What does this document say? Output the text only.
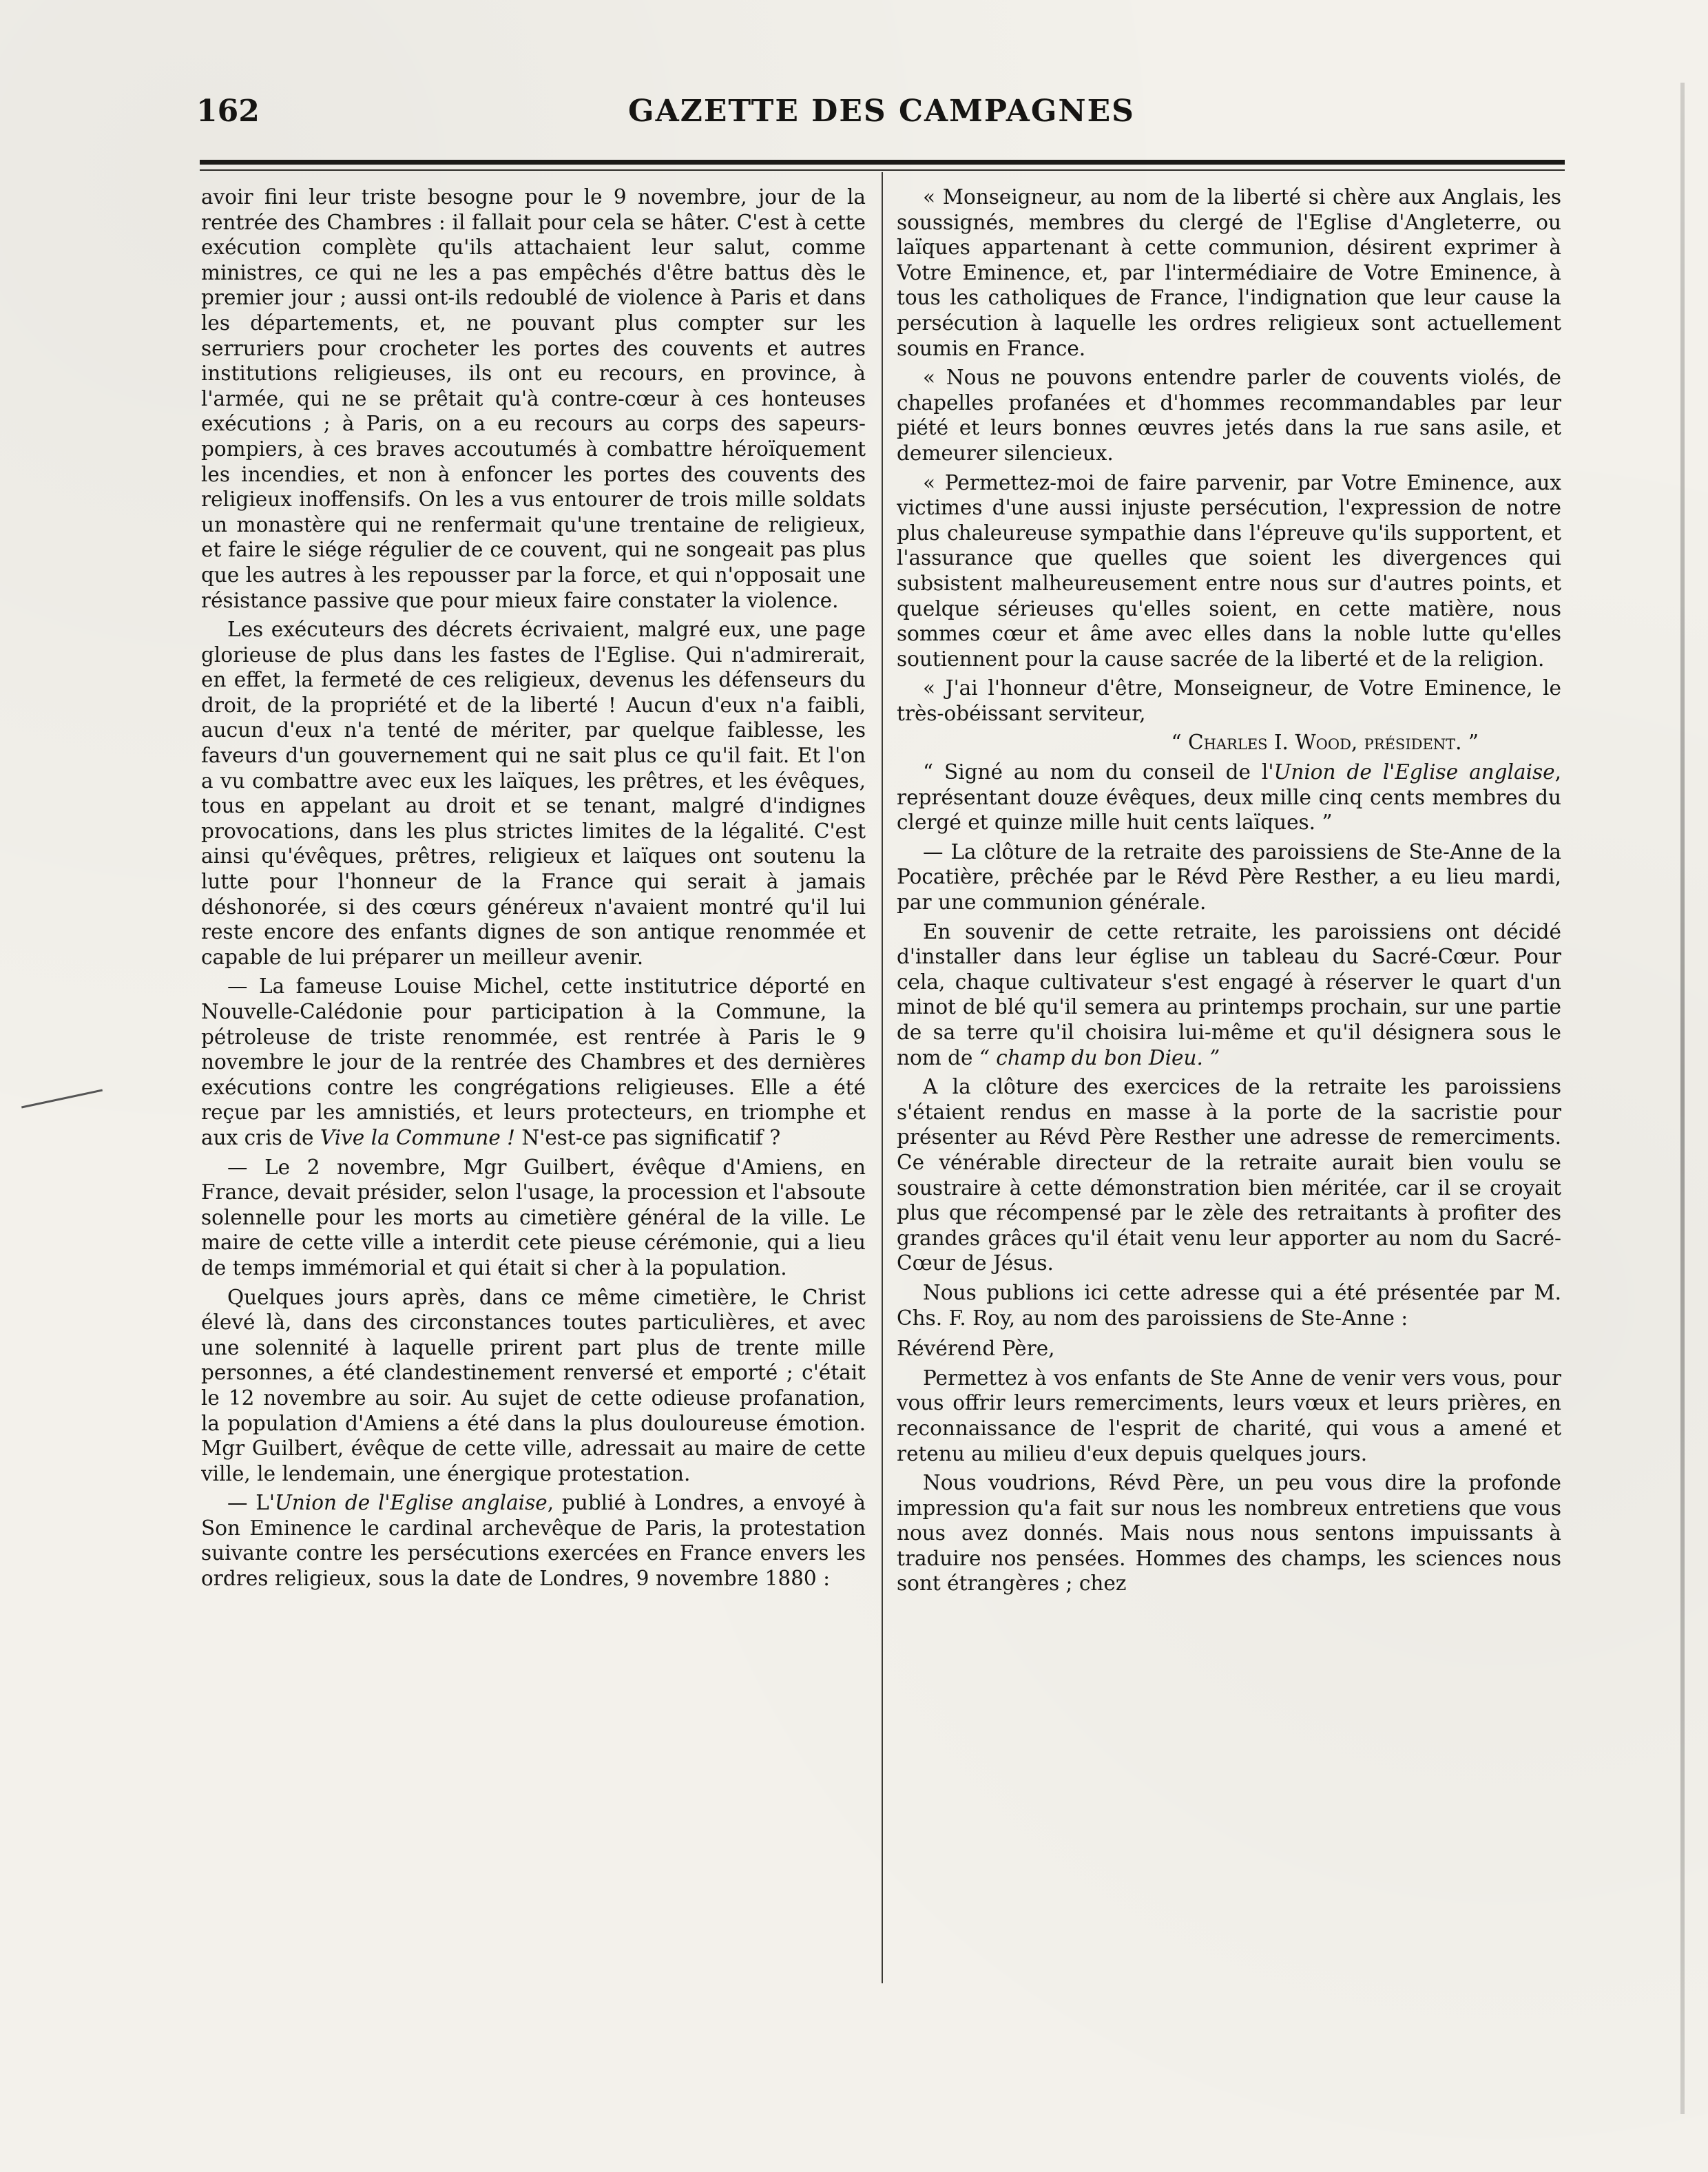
162	GAZETTE DES CAMPAGNES

avoir fini leur triste besogne pour le 9 novembre, jour de la rentrée des Chambres : il fallait pour cela se hâter. C'est à cette exécution complète qu'ils attachaient leur salut, comme ministres, ce qui ne les a pas empêchés d'être battus dès le premier jour ; aussi ont-ils redoublé de violence à Paris et dans les départements, et, ne pouvant plus compter sur les serruriers pour crocheter les portes des couvents et autres institutions religieuses, ils ont eu recours, en province, à l'armée, qui ne se prêtait qu'à contre-cœur à ces honteuses exécutions ; à Paris, on a eu recours au corps des sapeurs-pompiers, à ces braves accoutumés à combattre héroïquement les incendies, et non à enfoncer les portes des couvents des religieux inoffensifs. On les a vus entourer de trois mille soldats un monastère qui ne renfermait qu'une trentaine de religieux, et faire le siége régulier de ce couvent, qui ne songeait pas plus que les autres à les repousser par la force, et qui n'opposait une résistance passive que pour mieux faire constater la violence.

Les exécuteurs des décrets écrivaient, malgré eux, une page glorieuse de plus dans les fastes de l'Eglise. Qui n'admirerait, en effet, la fermeté de ces religieux, devenus les défenseurs du droit, de la propriété et de la liberté ! Aucun d'eux n'a faibli, aucun d'eux n'a tenté de mériter, par quelque faiblesse, les faveurs d'un gouvernement qui ne sait plus ce qu'il fait. Et l'on a vu combattre avec eux les laïques, les prêtres, et les évêques, tous en appelant au droit et se tenant, malgré d'indignes provocations, dans les plus strictes limites de la légalité. C'est ainsi qu'évêques, prêtres, religieux et laïques ont soutenu la lutte pour l'honneur de la France qui serait à jamais déshonorée, si des cœurs généreux n'avaient montré qu'il lui reste encore des enfants dignes de son antique renommée et capable de lui préparer un meilleur avenir.

— La fameuse Louise Michel, cette institutrice déporté en Nouvelle-Calédonie pour participation à la Commune, la pétroleuse de triste renommée, est rentrée à Paris le 9 novembre le jour de la rentrée des Chambres et des dernières exécutions contre les congrégations religieuses. Elle a été reçue par les amnistiés, et leurs protecteurs, en triomphe et aux cris de Vive la Commune ! N'est-ce pas significatif ?

— Le 2 novembre, Mgr Guilbert, évêque d'Amiens, en France, devait présider, selon l'usage, la procession et l'absoute solennelle pour les morts au cimetière général de la ville. Le maire de cette ville a interdit cete pieuse cérémonie, qui a lieu de temps immémorial et qui était si cher à la population.

Quelques jours après, dans ce même cimetière, le Christ élevé là, dans des circonstances toutes particulières, et avec une solennité à laquelle prirent part plus de trente mille personnes, a été clandestinement renversé et emporté ; c'était le 12 novembre au soir. Au sujet de cette odieuse profanation, la population d'Amiens a été dans la plus douloureuse émotion. Mgr Guilbert, évêque de cette ville, adressait au maire de cette ville, le lendemain, une énergique protestation.

— L'Union de l'Eglise anglaise, publié à Londres, a envoyé à Son Eminence le cardinal archevêque de Paris, la protestation suivante contre les persécutions exercées en France envers les ordres religieux, sous la date de Londres, 9 novembre 1880 :

« Monseigneur, au nom de la liberté si chère aux Anglais, les soussignés, membres du clergé de l'Eglise d'Angleterre, ou laïques appartenant à cette communion, désirent exprimer à Votre Eminence, et, par l'intermédiaire de Votre Eminence, à tous les catholiques de France, l'indignation que leur cause la persécution à laquelle les ordres religieux sont actuellement soumis en France.

« Nous ne pouvons entendre parler de couvents violés, de chapelles profanées et d'hommes recommandables par leur piété et leurs bonnes œuvres jetés dans la rue sans asile, et demeurer silencieux.

« Permettez-moi de faire parvenir, par Votre Eminence, aux victimes d'une aussi injuste persécution, l'expression de notre plus chaleureuse sympathie dans l'épreuve qu'ils supportent, et l'assurance que quelles que soient les divergences qui subsistent malheureusement entre nous sur d'autres points, et quelque sérieuses qu'elles soient, en cette matière, nous sommes cœur et âme avec elles dans la noble lutte qu'elles soutiennent pour la cause sacrée de la liberté et de la religion.

« J'ai l'honneur d'être, Monseigneur, de Votre Eminence, le très-obéissant serviteur,

“ Charles I. Wood, président. ”

“ Signé au nom du conseil de l'Union de l'Eglise anglaise, représentant douze évêques, deux mille cinq cents membres du clergé et quinze mille huit cents laïques. ”

— La clôture de la retraite des paroissiens de Ste-Anne de la Pocatière, prêchée par le Révd Père Resther, a eu lieu mardi, par une communion générale.

En souvenir de cette retraite, les paroissiens ont décidé d'installer dans leur église un tableau du Sacré-Cœur. Pour cela, chaque cultivateur s'est engagé à réserver le quart d'un minot de blé qu'il semera au printemps prochain, sur une partie de sa terre qu'il choisira lui-même et qu'il désignera sous le nom de “ champ du bon Dieu. ”

A la clôture des exercices de la retraite les paroissiens s'étaient rendus en masse à la porte de la sacristie pour présenter au Révd Père Resther une adresse de remerciments. Ce vénérable directeur de la retraite aurait bien voulu se soustraire à cette démonstration bien méritée, car il se croyait plus que récompensé par le zèle des retraitants à profiter des grandes grâces qu'il était venu leur apporter au nom du Sacré-Cœur de Jésus.

Nous publions ici cette adresse qui a été présentée par M. Chs. F. Roy, au nom des paroissiens de Ste-Anne :

Révérend Père,

Permettez à vos enfants de Ste Anne de venir vers vous, pour vous offrir leurs remerciments, leurs vœux et leurs prières, en reconnaissance de l'esprit de charité, qui vous a amené et retenu au milieu d'eux depuis quelques jours.

Nous voudrions, Révd Père, un peu vous dire la profonde impression qu'a fait sur nous les nombreux entretiens que vous nous avez donnés. Mais nous nous sentons impuissants à traduire nos pensées. Hommes des champs, les sciences nous sont étrangères ; chez
